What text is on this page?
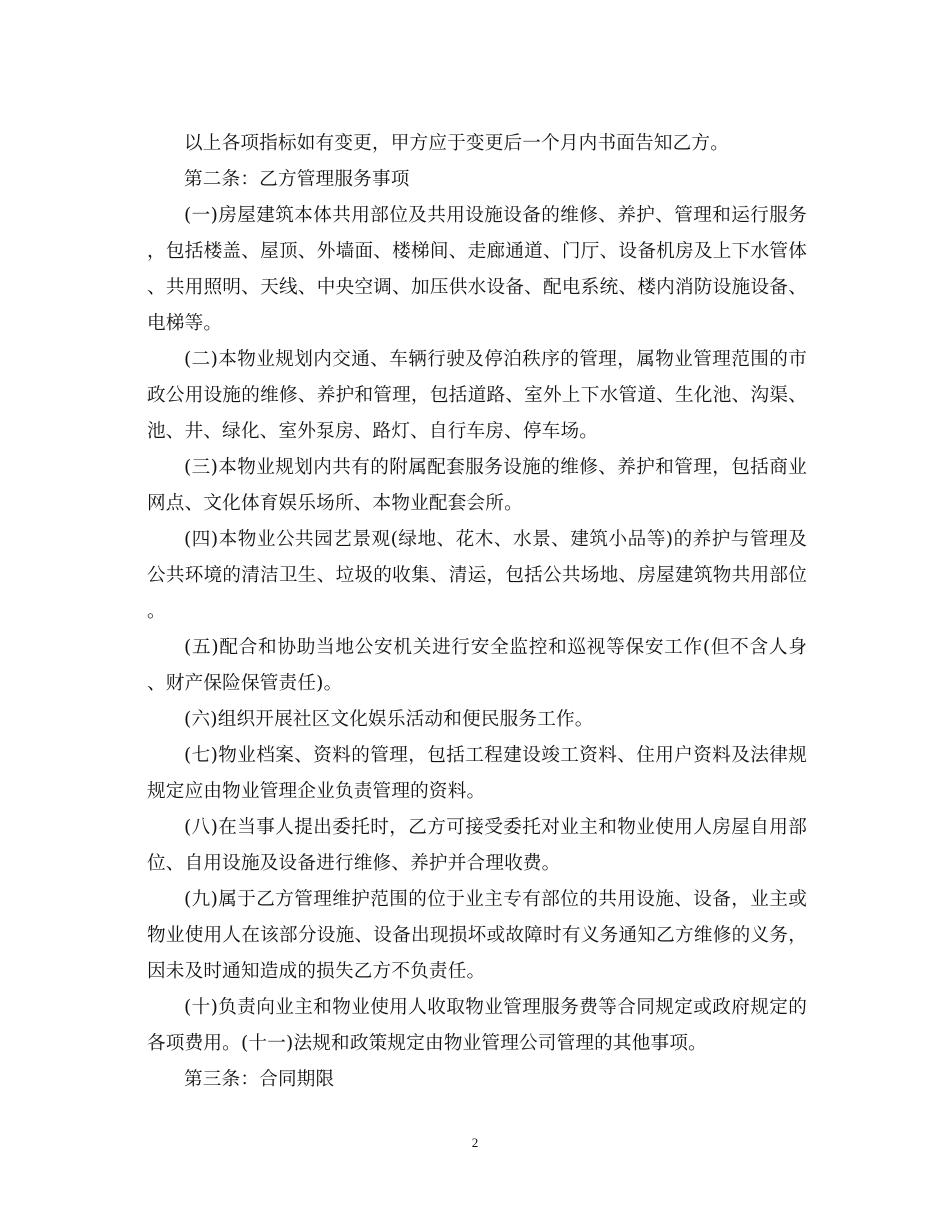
以上各项指标如有变更，甲方应于变更后一个月内书面告知乙方。

第二条：乙方管理服务事项

(一)房屋建筑本体共用部位及共用设施设备的维修、养护、管理和运行服务，包括楼盖、屋顶、外墙面、楼梯间、走廊通道、门厅、设备机房及上下水管体、共用照明、天线、中央空调、加压供水设备、配电系统、楼内消防设施设备、电梯等。

(二)本物业规划内交通、车辆行驶及停泊秩序的管理，属物业管理范围的市政公用设施的维修、养护和管理，包括道路、室外上下水管道、生化池、沟渠、池、井、绿化、室外泵房、路灯、自行车房、停车场。

(三)本物业规划内共有的附属配套服务设施的维修、养护和管理，包括商业网点、文化体育娱乐场所、本物业配套会所。

(四)本物业公共园艺景观(绿地、花木、水景、建筑小品等)的养护与管理及公共环境的清洁卫生、垃圾的收集、清运，包括公共场地、房屋建筑物共用部位。

(五)配合和协助当地公安机关进行安全监控和巡视等保安工作(但不含人身、财产保险保管责任)。

(六)组织开展社区文化娱乐活动和便民服务工作。

(七)物业档案、资料的管理，包括工程建设竣工资料、住用户资料及法律规规定应由物业管理企业负责管理的资料。

(八)在当事人提出委托时，乙方可接受委托对业主和物业使用人房屋自用部位、自用设施及设备进行维修、养护并合理收费。

(九)属于乙方管理维护范围的位于业主专有部位的共用设施、设备，业主或物业使用人在该部分设施、设备出现损坏或故障时有义务通知乙方维修的义务，因未及时通知造成的损失乙方不负责任。

(十)负责向业主和物业使用人收取物业管理服务费等合同规定或政府规定的各项费用。(十一)法规和政策规定由物业管理公司管理的其他事项。

第三条：合同期限

2
